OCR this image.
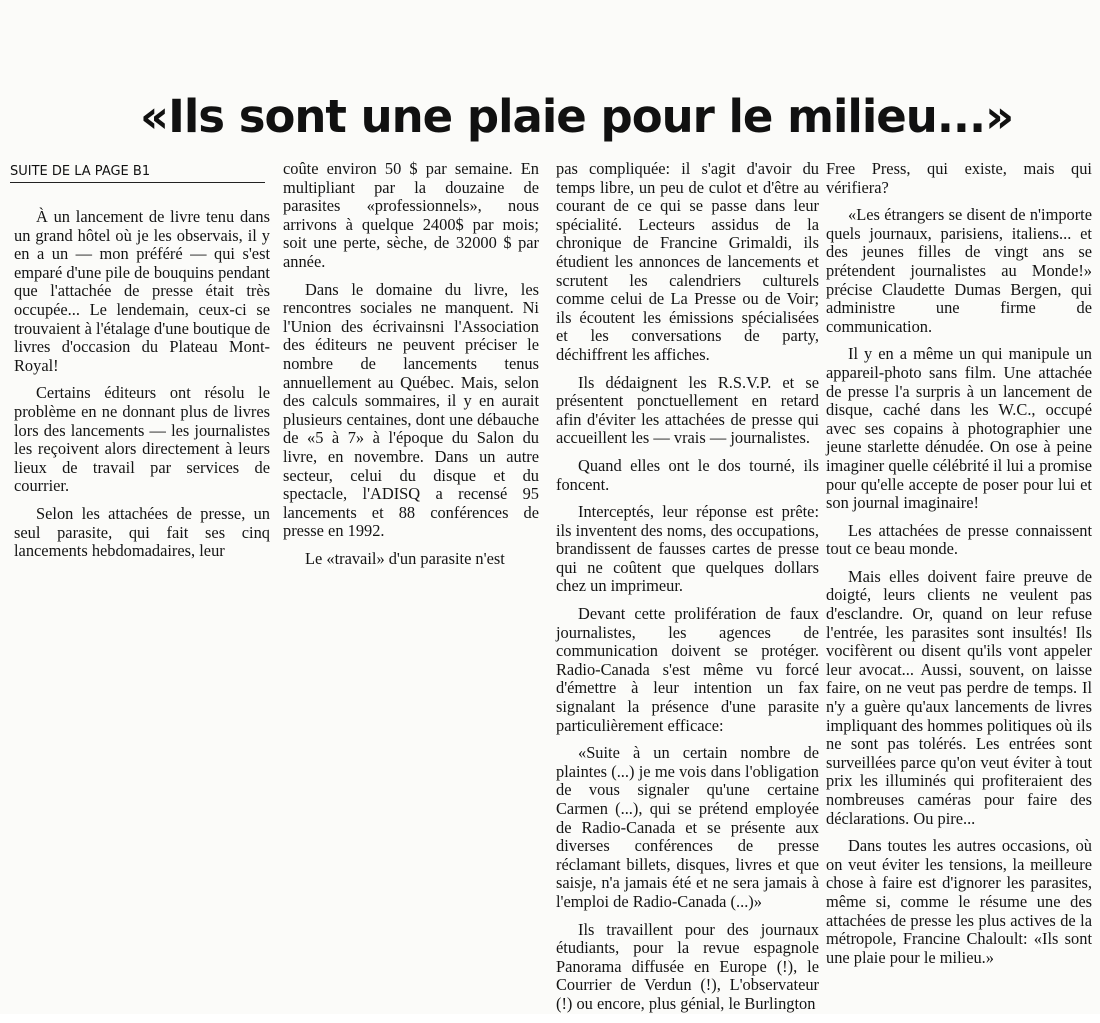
«Ils sont une plaie pour le milieu...»
SUITE DE LA PAGE B1

À un lancement de livre tenu dans un grand hôtel où je les observais, il y en a un — mon préféré — qui s'est emparé d'une pile de bouquins pendant que l'attachée de presse était très occupée... Le lendemain, ceux-ci se trouvaient à l'étalage d'une boutique de livres d'occasion du Plateau Mont-Royal!

Certains éditeurs ont résolu le problème en ne donnant plus de livres lors des lancements — les journalistes les reçoivent alors directement à leurs lieux de travail par services de courrier.

Selon les attachées de presse, un seul parasite, qui fait ses cinq lancements hebdomadaires, leur

coûte environ 50 $ par semaine. En multipliant par la douzaine de parasites «professionnels», nous arrivons à quelque 2400$ par mois; soit une perte, sèche, de 32000 $ par année.

Dans le domaine du livre, les rencontres sociales ne manquent. Ni l'Union des écrivainsni l'Association des éditeurs ne peuvent préciser le nombre de lancements tenus annuellement au Québec. Mais, selon des calculs sommaires, il y en aurait plusieurs centaines, dont une débauche de «5 à 7» à l'époque du Salon du livre, en novembre. Dans un autre secteur, celui du disque et du spectacle, l'ADISQ a recensé 95 lancements et 88 conférences de presse en 1992.

Le «travail» d'un parasite n'est

pas compliquée: il s'agit d'avoir du temps libre, un peu de culot et d'être au courant de ce qui se passe dans leur spécialité. Lecteurs assidus de la chronique de Francine Grimaldi, ils étudient les annonces de lancements et scrutent les calendriers culturels comme celui de La Presse ou de Voir; ils écoutent les émissions spécialisées et les conversations de party, déchiffrent les affiches.

Ils dédaignent les R.S.V.P. et se présentent ponctuellement en retard afin d'éviter les attachées de presse qui accueillent les — vrais — journalistes.

Quand elles ont le dos tourné, ils foncent.

Interceptés, leur réponse est prête: ils inventent des noms, des occupations, brandissent de fausses cartes de presse qui ne coûtent que quelques dollars chez un imprimeur.

Devant cette prolifération de faux journalistes, les agences de communication doivent se protéger. Radio-Canada s'est même vu forcé d'émettre à leur intention un fax signalant la présence d'une parasite particulièrement efficace:

«Suite à un certain nombre de plaintes (...) je me vois dans l'obligation de vous signaler qu'une certaine Carmen (...), qui se prétend employée de Radio-Canada et se présente aux diverses conférences de presse réclamant billets, disques, livres et que saisje, n'a jamais été et ne sera jamais à l'emploi de Radio-Canada (...)»

Ils travaillent pour des journaux étudiants, pour la revue espagnole Panorama diffusée en Europe (!), le Courrier de Verdun (!), L'observateur (!) ou encore, plus génial, le Burlington

Free Press, qui existe, mais qui vérifiera?

«Les étrangers se disent de n'importe quels journaux, parisiens, italiens... et des jeunes filles de vingt ans se prétendent journalistes au Monde!» précise Claudette Dumas Bergen, qui administre une firme de communication.

Il y en a même un qui manipule un appareil-photo sans film. Une attachée de presse l'a surpris à un lancement de disque, caché dans les W.C., occupé avec ses copains à photographier une jeune starlette dénudée. On ose à peine imaginer quelle célébrité il lui a promise pour qu'elle accepte de poser pour lui et son journal imaginaire!

Les attachées de presse connaissent tout ce beau monde.

Mais elles doivent faire preuve de doigté, leurs clients ne veulent pas d'esclandre. Or, quand on leur refuse l'entrée, les parasites sont insultés! Ils vocifèrent ou disent qu'ils vont appeler leur avocat... Aussi, souvent, on laisse faire, on ne veut pas perdre de temps. Il n'y a guère qu'aux lancements de livres impliquant des hommes politiques où ils ne sont pas tolérés. Les entrées sont surveillées parce qu'on veut éviter à tout prix les illuminés qui profiteraient des nombreuses caméras pour faire des déclarations. Ou pire...

Dans toutes les autres occasions, où on veut éviter les tensions, la meilleure chose à faire est d'ignorer les parasites, même si, comme le résume une des attachées de presse les plus actives de la métropole, Francine Chaloult: «Ils sont une plaie pour le milieu.»
